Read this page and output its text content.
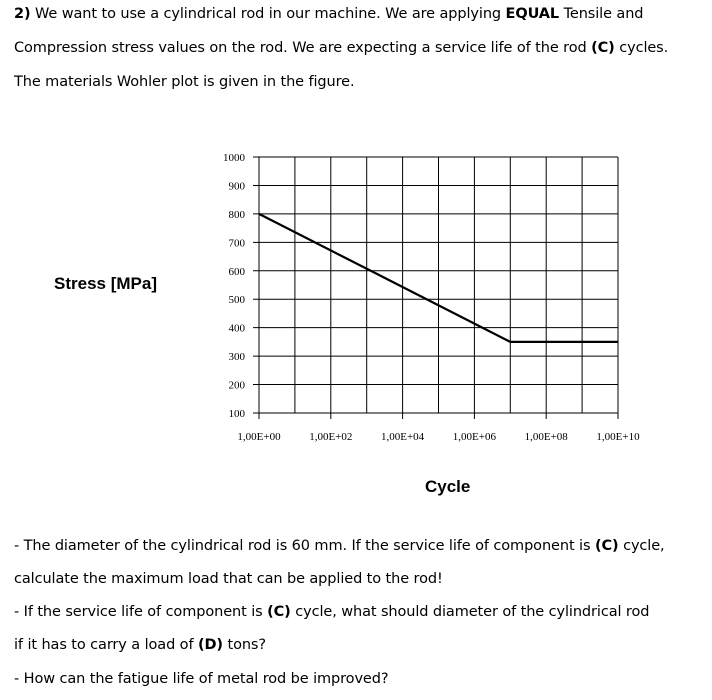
2) We want to use a cylindrical rod in our machine. We are applying EQUAL Tensile and
Compression stress values on the rod. We are expecting a service life of the rod (C) cycles.
The materials Wohler plot is given in the figure.
Stress [MPa]
Cycle
1000
900
800
700
600
500
400
300
200
100
1,00E+00	1,00E+02	1,00E+04	1,00E+06	1,00E+08	1,00E+10
- The diameter of the cylindrical rod is 60 mm. If the service life of component is (C) cycle,
calculate the maximum load that can be applied to the rod!
- If the service life of component is (C) cycle, what should diameter of the cylindrical rod
if it has to carry a load of (D) tons?
- How can the fatigue life of metal rod be improved?
